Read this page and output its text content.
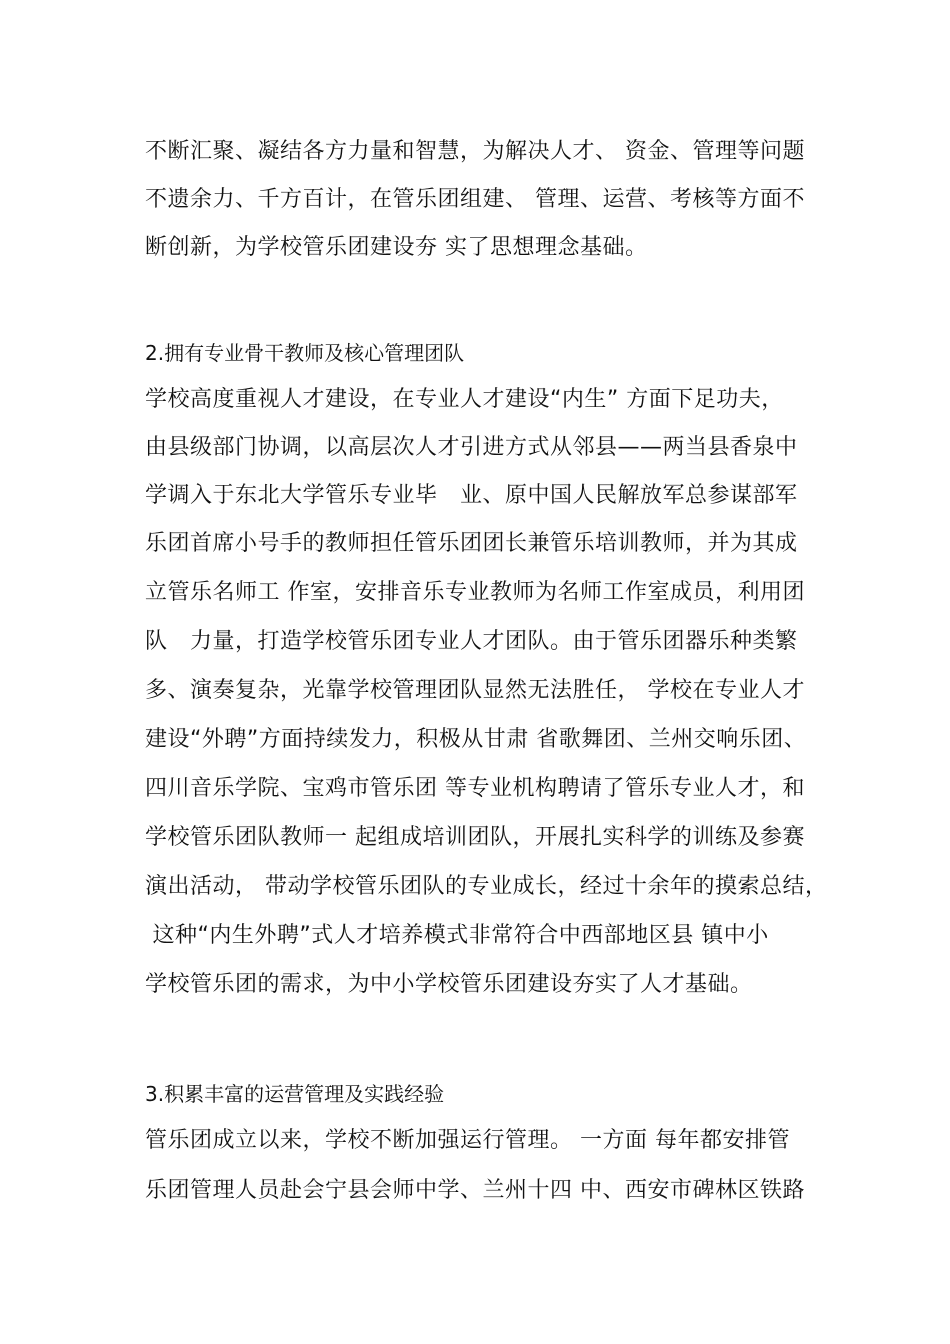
不断汇聚、凝结各方力量和智慧，为解决人才、 资金、管理等问题
不遗余力、千方百计，在管乐团组建、 管理、运营、考核等方面不
断创新，为学校管乐团建设夯 实了思想理念基础。
2.拥有专业骨干教师及核心管理团队
学校高度重视人才建设，在专业人才建设“内生” 方面下足功夫，
由县级部门协调，以高层次人才引进方式从邻县——两当县香泉中
学调入于东北大学管乐专业毕   业、原中国人民解放军总参谋部军
乐团首席小号手的教师担任管乐团团长兼管乐培训教师，并为其成
立管乐名师工 作室，安排音乐专业教师为名师工作室成员，利用团
队   力量，打造学校管乐团专业人才团队。由于管乐团器乐种类繁
多、演奏复杂，光靠学校管理团队显然无法胜任， 学校在专业人才
建设“外聘”方面持续发力，积极从甘肃 省歌舞团、兰州交响乐团、
四川音乐学院、宝鸡市管乐团 等专业机构聘请了管乐专业人才，和
学校管乐团队教师一 起组成培训团队，开展扎实科学的训练及参赛
演出活动， 带动学校管乐团队的专业成长，经过十余年的摸索总结，
这种“内生外聘”式人才培养模式非常符合中西部地区县 镇中小
学校管乐团的需求，为中小学校管乐团建设夯实了人才基础。
3.积累丰富的运营管理及实践经验
管乐团成立以来，学校不断加强运行管理。 一方面 每年都安排管
乐团管理人员赴会宁县会师中学、兰州十四 中、西安市碑林区铁路
